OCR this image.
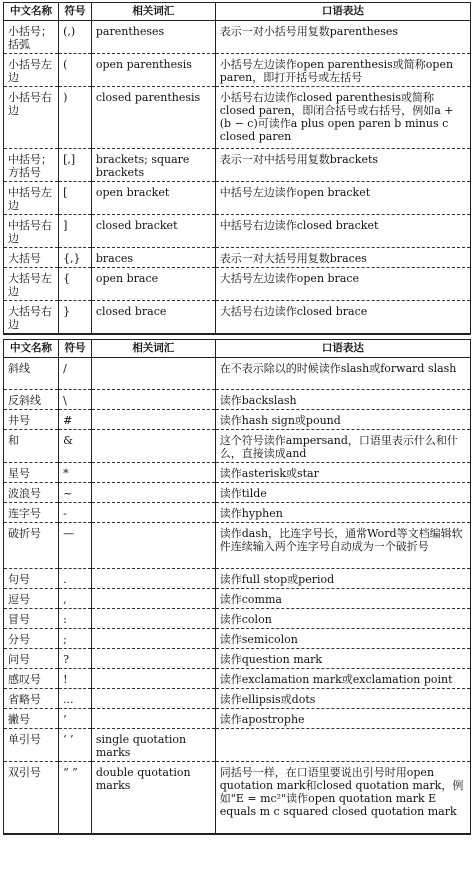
中文名称	符号	相关词汇	口语表达
小括号；括弧	(,)	parentheses	表示一对小括号用复数parentheses
小括号左边	(	open parenthesis	小括号左边读作open parenthesis或简称open paren，即打开括号或左括号
小括号右边	)	closed parenthesis	小括号右边读作closed parenthesis或简称closed paren，即闭合括号或右括号，例如a + (b − c)可读作a plus open paren b minus c closed paren
中括号；方括号	[,]	brackets; square brackets	表示一对中括号用复数brackets
中括号左边	[	open bracket	中括号左边读作open bracket
中括号右边	]	closed bracket	中括号右边读作closed bracket
大括号	{,}	braces	表示一对大括号用复数braces
大括号左边	{	open brace	大括号左边读作open brace
大括号右边	}	closed brace	大括号右边读作closed brace
中文名称	符号	相关词汇	口语表达
斜线	/		在不表示除以的时候读作slash或forward slash
反斜线	\		读作backslash
井号	#		读作hash sign或pound
和	&		这个符号读作ampersand，口语里表示什么和什么，直接读成and
星号	*		读作asterisk或star
波浪号	~		读作tilde
连字号	-		读作hyphen
破折号	—		读作dash，比连字号长，通常Word等文档编辑软件连续输入两个连字号自动成为一个破折号
句号	.		读作full stop或period
逗号	,		读作comma
冒号	:		读作colon
分号	;		读作semicolon
问号	?		读作question mark
感叹号	!		读作exclamation mark或exclamation point
省略号	...		读作ellipsis或dots
撇号	’		读作apostrophe
单引号	‘ ’	single quotation marks	
双引号	“ ”	double quotation marks	同括号一样，在口语里要说出引号时用open quotation mark和closed quotation mark，例如"E = mc²"读作open quotation mark E equals m c squared closed quotation mark
